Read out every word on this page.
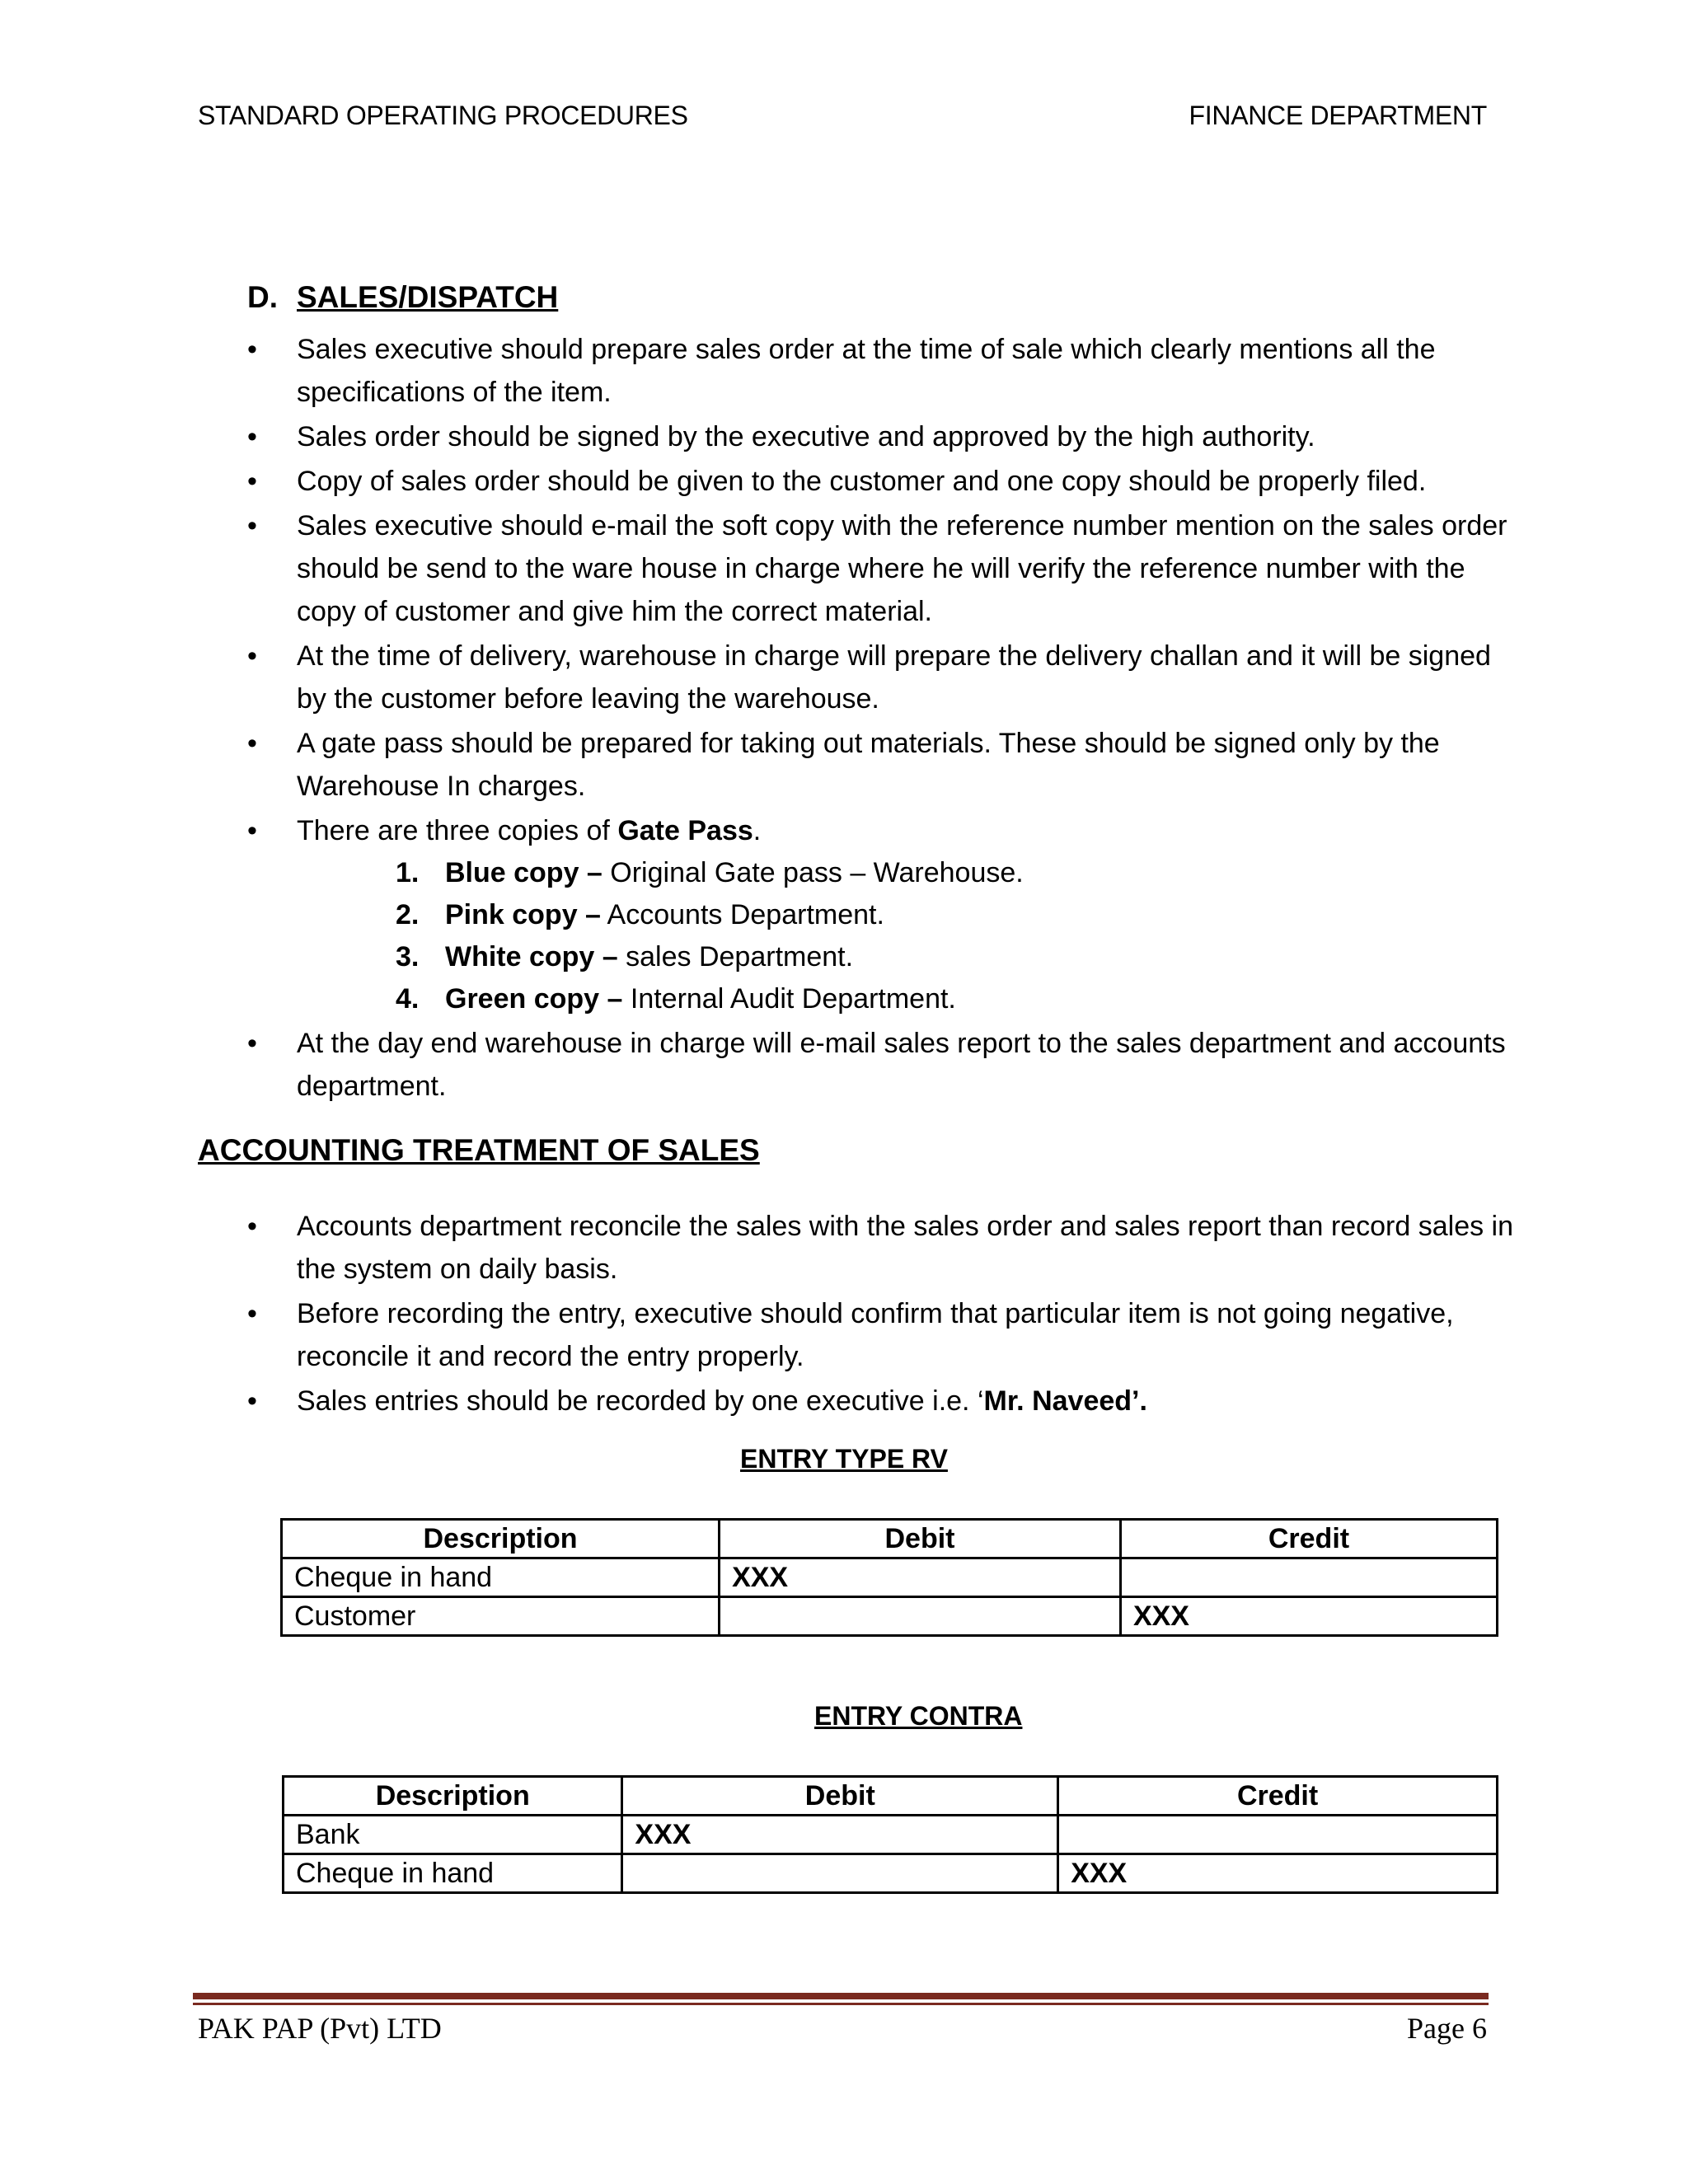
STANDARD OPERATING PROCEDURES	FINANCE DEPARTMENT
D. SALES/DISPATCH
•
Sales executive should prepare sales order at the time of sale which clearly mentions all the specifications of the item.
•
Sales order should be signed by the executive and approved by the high authority.
•
Copy of sales order should be given to the customer and one copy should be properly filed.
•
Sales executive should e-mail the soft copy with the reference number mention on the sales order should be send to the ware house in charge where he will verify the reference number with the copy of customer and give him the correct material.
•
At the time of delivery, warehouse in charge will prepare the delivery challan and it will be signed by the customer before leaving the warehouse.
•
A gate pass should be prepared for taking out materials. These should be signed only by the Warehouse In charges.
•
There are three copies of Gate Pass.
1. Blue copy – Original Gate pass – Warehouse.
2. Pink copy – Accounts Department.
3. White copy – sales Department.
4. Green copy – Internal Audit Department.
•
At the day end warehouse in charge will e-mail sales report to the sales department and accounts department.
ACCOUNTING TREATMENT OF SALES
•
Accounts department reconcile the sales with the sales order and sales report than record sales in the system on daily basis.
•
Before recording the entry, executive should confirm that particular item is not going negative, reconcile it and record the entry properly.
•
Sales entries should be recorded by one executive i.e. ‘Mr. Naveed’.
ENTRY TYPE RV
Description	Debit	Credit
Cheque in hand	XXX	
Customer		XXX
ENTRY CONTRA
Description	Debit	Credit
Bank	XXX	
Cheque in hand		XXX
PAK PAP (Pvt) LTD	Page 6
